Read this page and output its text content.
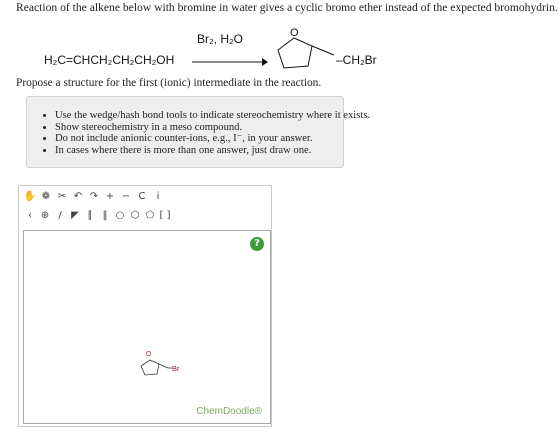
Reaction of the alkene below with bromine in water gives a cyclic bromo ether instead of the expected bromohydrin.
H₂C=CHCH₂CH₂CH₂OH
Br₂, H₂O	O
–CH₂Br
Propose a structure for the first (ionic) intermediate in the reaction.
• Use the wedge/hash bond tools to indicate stereochemistry where it exists.
• Show stereochemistry in a meso compound.
• Do not include anionic counter-ions, e.g., I⁻, in your answer.
• In cases where there is more than one answer, just draw one.
✋ ❁ ✂ ↶ ↷ + − C	i
‹ ⊕ / ◤ ∥	‖ ○ ⬡ ⬠ [ ]
?
O
Br
ChemDoodle®
